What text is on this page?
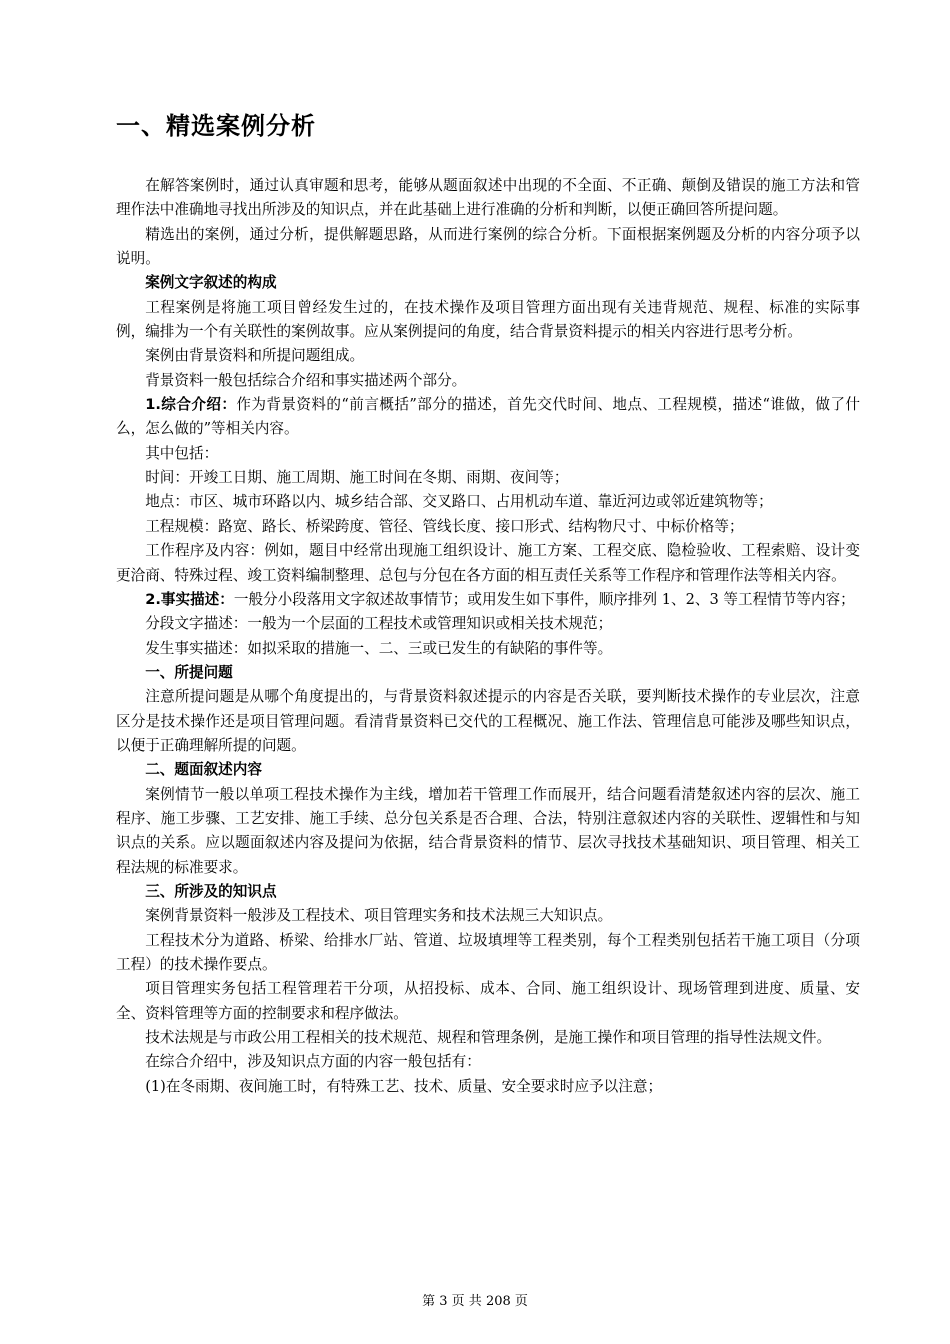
一、精选案例分析

在解答案例时，通过认真审题和思考，能够从题面叙述中出现的不全面、不正确、颠倒及错误的施工方法和管理作法中准确地寻找出所涉及的知识点，并在此基础上进行准确的分析和判断，以便正确回答所提问题。

精选出的案例，通过分析，提供解题思路，从而进行案例的综合分析。下面根据案例题及分析的内容分项予以说明。

案例文字叙述的构成

工程案例是将施工项目曾经发生过的，在技术操作及项目管理方面出现有关违背规范、规程、标准的实际事例，编排为一个有关联性的案例故事。应从案例提问的角度，结合背景资料提示的相关内容进行思考分析。

案例由背景资料和所提问题组成。

背景资料一般包括综合介绍和事实描述两个部分。

1.综合介绍：作为背景资料的“前言概括”部分的描述，首先交代时间、地点、工程规模，描述“谁做，做了什么，怎么做的”等相关内容。

其中包括：

时间：开竣工日期、施工周期、施工时间在冬期、雨期、夜间等；

地点：市区、城市环路以内、城乡结合部、交叉路口、占用机动车道、靠近河边或邻近建筑物等；

工程规模：路宽、路长、桥梁跨度、管径、管线长度、接口形式、结构物尺寸、中标价格等；

工作程序及内容：例如，题目中经常出现施工组织设计、施工方案、工程交底、隐检验收、工程索赔、设计变更洽商、特殊过程、竣工资料编制整理、总包与分包在各方面的相互责任关系等工作程序和管理作法等相关内容。

2.事实描述：一般分小段落用文字叙述故事情节；或用发生如下事件，顺序排列 1、2、3 等工程情节等内容；

分段文字描述：一般为一个层面的工程技术或管理知识或相关技术规范；

发生事实描述：如拟采取的措施一、二、三或已发生的有缺陷的事件等。

一、所提问题

注意所提问题是从哪个角度提出的，与背景资料叙述提示的内容是否关联，要判断技术操作的专业层次，注意区分是技术操作还是项目管理问题。看清背景资料已交代的工程概况、施工作法、管理信息可能涉及哪些知识点，以便于正确理解所提的问题。

二、题面叙述内容

案例情节一般以单项工程技术操作为主线，增加若干管理工作而展开，结合问题看清楚叙述内容的层次、施工程序、施工步骤、工艺安排、施工手续、总分包关系是否合理、合法，特别注意叙述内容的关联性、逻辑性和与知识点的关系。应以题面叙述内容及提问为依据，结合背景资料的情节、层次寻找技术基础知识、项目管理、相关工程法规的标准要求。

三、所涉及的知识点

案例背景资料一般涉及工程技术、项目管理实务和技术法规三大知识点。

工程技术分为道路、桥梁、给排水厂站、管道、垃圾填埋等工程类别，每个工程类别包括若干施工项目（分项工程）的技术操作要点。

项目管理实务包括工程管理若干分项，从招投标、成本、合同、施工组织设计、现场管理到进度、质量、安全、资料管理等方面的控制要求和程序做法。

技术法规是与市政公用工程相关的技术规范、规程和管理条例，是施工操作和项目管理的指导性法规文件。

在综合介绍中，涉及知识点方面的内容一般包括有：

(1)在冬雨期、夜间施工时，有特殊工艺、技术、质量、安全要求时应予以注意；

第 3 页 共 208 页
